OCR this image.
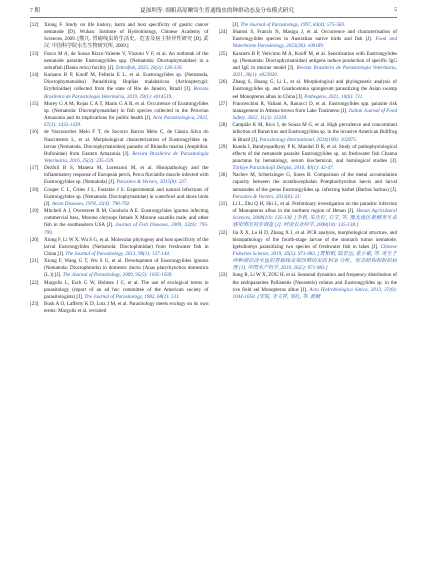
7 期	夏深圳等: 细粗高原鳅寄生普通线虫的种群动态及分布模式研究	5
[12]	Xiong F. Study on life history, harm and host specificity of gastric cancer nematode [D]. Wuhan: Institute of Hydrobiology, Chinese Academy of Sciences, 2009. [熊凡. 胃瘤线虫的生活史、危害及宿主特异性研究 [D]. 武汉: 中国科学院水生生物研究所, 2009.]
[13]	Fusco M A, de Sousa Rizzo-Valente V, Vizzoni V F, et al. An outbreak of the nematode parasite Eustrongylides spp. (Nematoda: Dioctophymatidae) in a zebrafish (Danio rerio) facility [J]. Zebrafish, 2023, 20(3): 126-130.
[14]	Karaano B P, Knoff M, Felleria E L, et al. Eustrongylides sp. (Nematoda, Dioctophymatoidea) Parasitizing Hoplias malabaricus (Actinopterygii: Erythrinidae) collected from the state of Rio de Janeiro, Brazil [J]. Revista Brasileira de Parasitologia Veterinaria, 2019, 29(1): e014519.
[15]	Morey G A M, Rojas C A T, Marin G A R, et al. Occurrence of Eustrongylides sp. (Nematoda: Dioctophymatidae) in fish species collected in the Peruvian Amazonia and its implications for public health [J]. Acta Parasitologica, 2022, 67(3): 1432-1439.
[16]	de Vasconcelos Melo F T, do Socorro Barros Melo C, de Cássia Silva do Nascimento L, et al. Morphological characterization of Eustrongylides sp. larvae (Nematoda, Dioctophymatoidea) parasite of Rhinella marina (Amphibia: Bufonidae) from Eastern Amazonia [J]. Revista Brasileira de Parasitologia Veterinária, 2016, 25(2): 235-239.
[17]	Dezfuli B S, Manera M, Lorenzoni M, et al. Histopathology and the inflammatory response of European perch, Perca fluviatilis muscle infected with Eustrongylides sp. (Nematoda) [J]. Parasites & Vectors, 2015(8): 227.
[18]	Cooper C L, Crites J L, Fastzkie J S. Experimental and natural infections of Eustrongylides sp. (Nematoda: Dioctophymatidae) in waterfowl and shore birds [J]. Avian Diseases, 1978, 22(4): 790-792.
[19]	Mitchell A J, Overstreet R M, Goodwin A E. Eustrongylides ignotus infecting commercial bass, Morone chrysops female X Morone saxatilis male, and other fish in the southeastern USA [J]. Journal of Fish Diseases, 2009, 32(9): 795-799.
[20]	Xiong F, Li W X, Wu S G, et al. Molecular phylogeny and host specificity of the larval Eustrongylides (Nematoda: Dioctophmidae) from freshwater fish in China [J]. The Journal of Parasitology, 2013, 99(1): 137-144.
[21]	Xiong F, Wang G T, Wu S G, et al. Development of Eustrongylides ignotus (Nematoda: Dioctophmida) in domestic ducks (Anas platyrhynchos domestica (L.)) [J]. The Journal of Parasitology, 2009, 95(5): 1035-1039.
[22]	Margolis L, Esch G W, Holmes J C, et al. The use of ecological terms in parasitology (report of an ad hoc committee of the American society of parasitologists) [J]. The Journal of Parasitology, 1982, 68(1): 131.
[23]	Bush A O, Lafferty K D, Lotz J M, et al. Parasitology meets ecology on its own terms: Margolis et al. revisited
[J]. The Journal of Parasitology, 1997, 83(4): 575-583.
[24]	Shamsi S, Francis N, Masigu J, et al. Occurrence and characterisation of Eustrongylides species in Australian native birds and fish [J]. Food and Waterborne Parasitology, 2023(30): e00189.
[25]	Karaiem B P, Vericimo M A, Knoff M, et al. Sensitization with Eustrongylides sp. (Nematoda: Dioctophymatoidae) antigens induce production of specific IgG and IgE in murine model [J]. Revista Brasileira de Parasitologia Veterinaria, 2021, 30(1): e023920.
[26]	Zhang S, Huang G, Li L, et al. Morphological and phylogenetic analysis of Eustrongylides sp. and Gnathostoma spinigerum parasitizing the Asian swamp eel Monopterus albus in China [J]. Pathogens, 2021, 10(6): 711.
[27]	Franceschini R, Valiani A, Ranucci D, et al. Eustrongylides spp. parasite risk management in Athena brown from Lake Trasimeno [J]. Italian Journal of Food Safety, 2022, 11(3): 11338.
[28]	Campião K M, Rico J, de Souza M G, et al. High prevalence and concomitant infection of Ranavirus and Eustrongylides sp. in the invasive American Bullfrog in Brazil [J]. Parasitology International, 2024(100): 102875.
[29]	Kundu I, Bandyopadhyay P K, Mandal D R, et al. Study of pathophysiological effects of the nematode parasite Eustrongylides sp. on freshwater fish Channa punctatus by hematology, serum biochemical, and histological studies [J]. Türkiye Parazitolojii Dergisi, 2016, 40(1): 42-47.
[30]	Nachev M, Schertzinger G, Sures B. Comparison of the metal accumulation capacity between the acanthocephalan Pomphorhynchus laevis and larval nematodes of the genus Eustrongylides sp. infecting barbel (Barbus barbus) [J]. Parasites & Vectors, 2013(6): 21.
[31]	Li L, Zhu Q H, Shi L, et al. Preliminary investigation on the parasitic infection of Monopterus albus in the northern region of Henan [J]. Henan Agricultural Sciences, 2008(10): 135-138. [李莉, 朱庆红, 石宝, 等. 豫北地区黄鳝寄生虫感染情况初步调查 [J]. 河南农业科学, 2008(10): 135-138.]
[32]	Jia X X, Lu H D, Zhang X J, et al. PCR analysis, morphological structure, and histopathology of the fourth-stage larvae of the stomach tumor nematode, Igelsdiomys parasitizing two species of freshwater fish in lakes [J]. Chinese Fisheries Science, 2019, 26(5): 971-983. [贾相相, 陆宏达, 张小敏, 等. 寄生于两种湖泊淡水鱼的胃瘤线虫第四期幼虫的 PCR 分析、形态结构和组织病理 [J]. 中国水产科学, 2019, 26(5): 971-983.]
[33]	Song R, Li W X, ZOU H, et al. Seasonal dynamics and frequency distribution of the endoparasites Pallisentis (Neosentis) celatus and Eustrongylides sp. in the rice field eel Monopterus albus [J]. Acta Hydrobiologica Sinica, 2013, 37(6): 1044-1050. [宋锐, 李文祥, 邹红, 等. 黄鳝
